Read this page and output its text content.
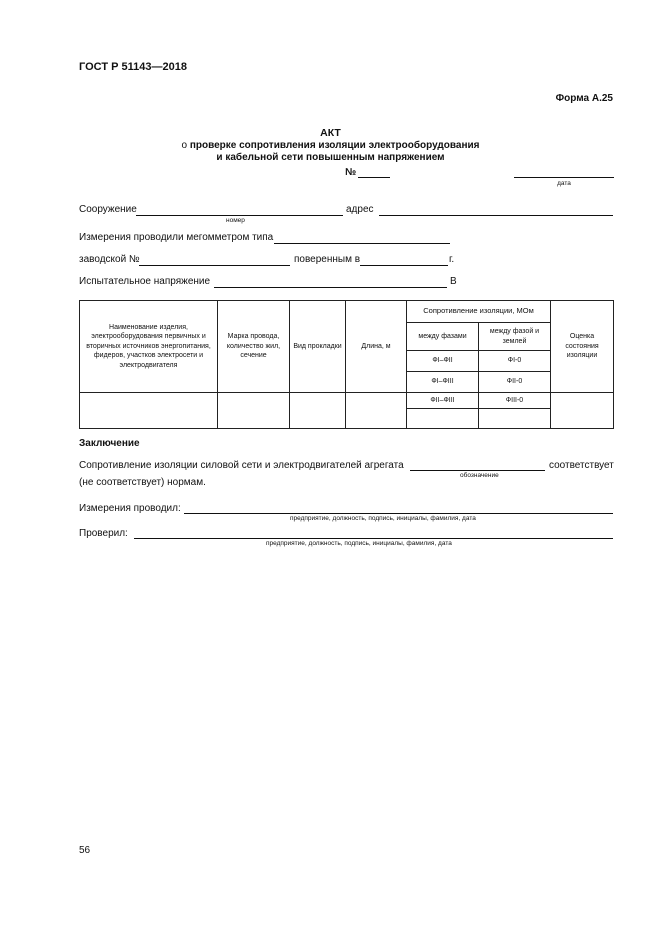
ГОСТ Р 51143—2018
Форма А.25
АКТ
о проверке сопротивления изоляции электрооборудования
и кабельной сети повышенным напряжением
№
дата
Сооружение
номер
адрес
Измерения проводили мегомметром типа
заводской №	поверенным в	г.
Испытательное напряжение	В
Наименование изделия, электрооборудования первичных и вторичных источников энергопитания, фидеров, участков электросети и электродвигателя	Марка провода, количество жил, сечение	Вид прокладки	Длина, м	Сопротивление изоляции, МОм		Оценка состояния изоляции
				между фазами	между фазой и землей	
				ФI–ФII	ФI-0	
				ФI–ФIII	ФII-0	
				ФII–ФIII	ФIII-0	

Заключение
Сопротивление изоляции силовой сети и электродвигателей агрегата
обозначение
соответствует
(не соответствует) нормам.
Измерения проводил:
предприятие, должность, подпись, инициалы, фамилия, дата
Проверил:
предприятие, должность, подпись, инициалы, фамилия, дата
56
